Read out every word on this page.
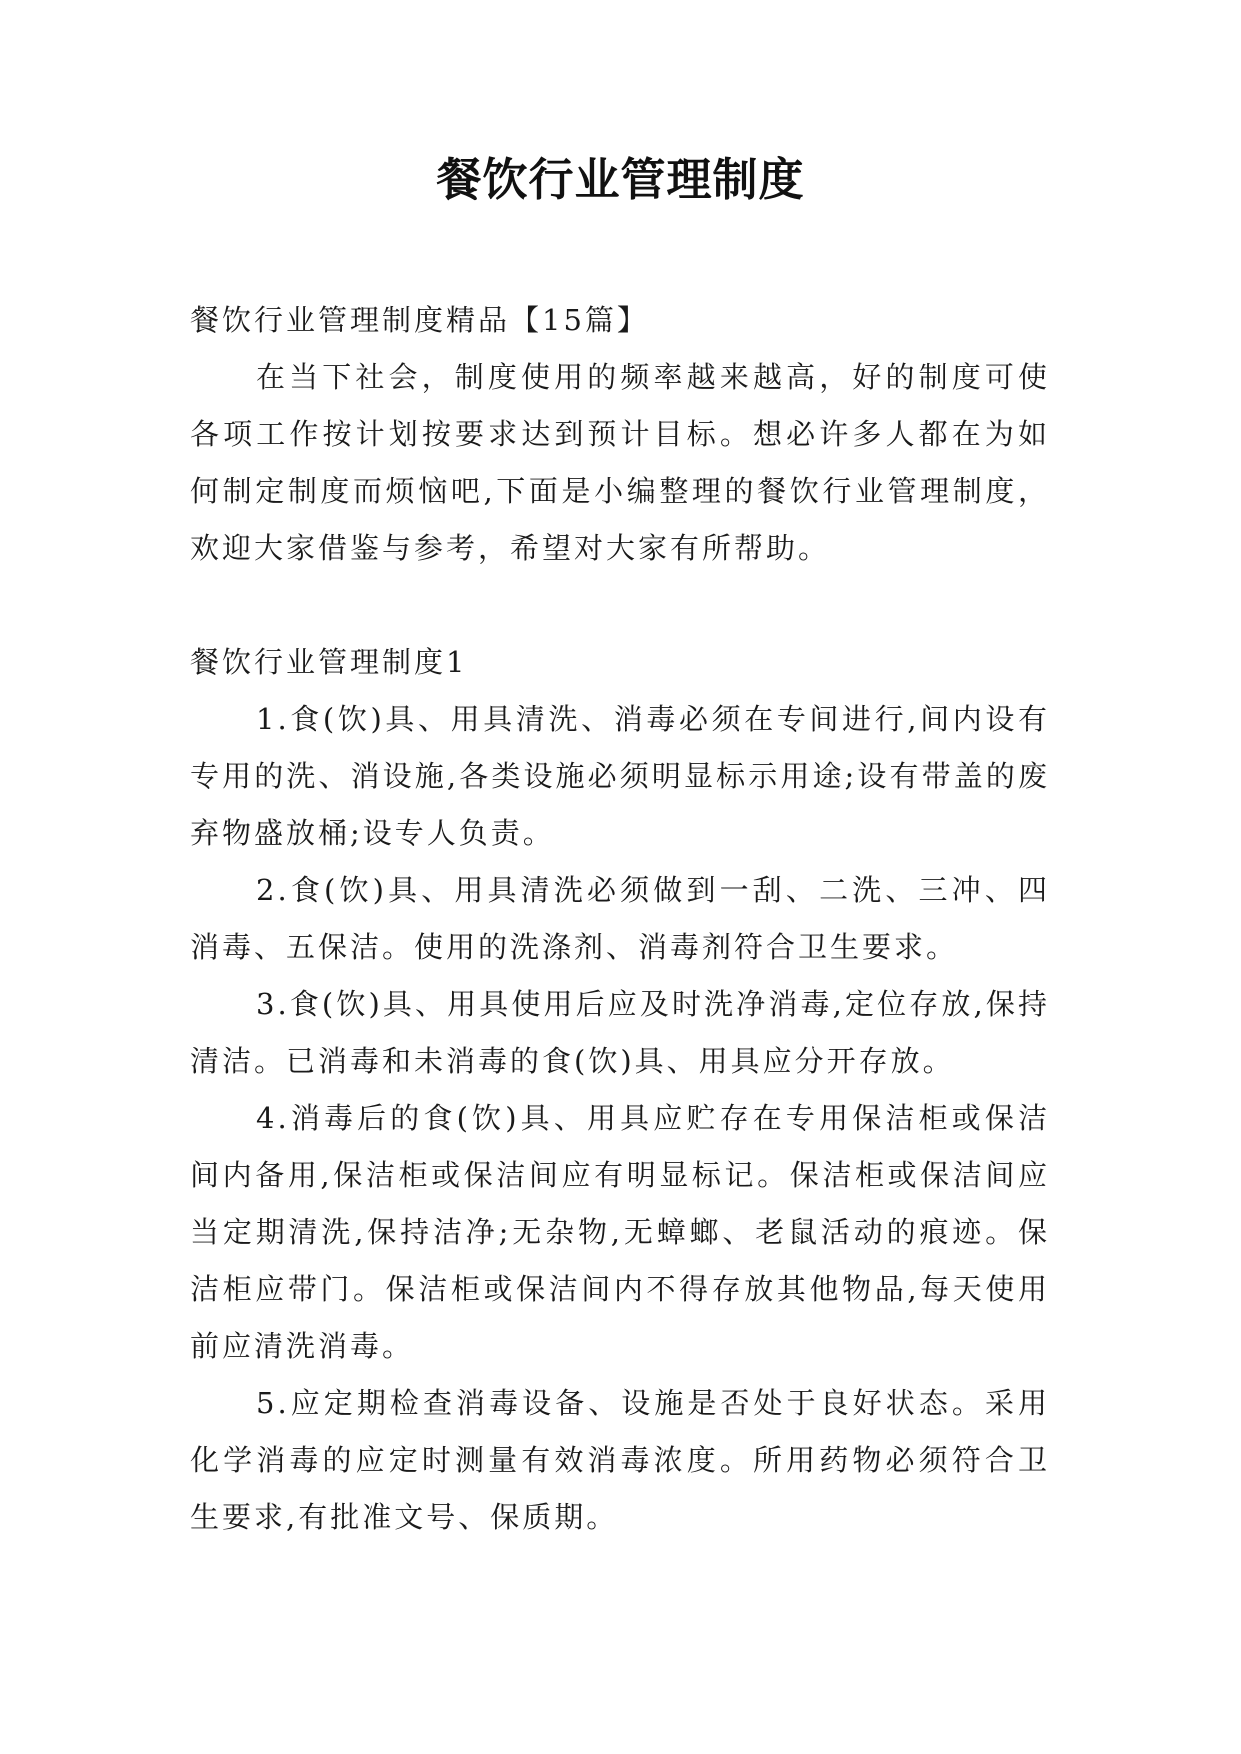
餐饮行业管理制度

餐饮行业管理制度精品【15篇】

在当下社会，制度使用的频率越来越高，好的制度可使各项工作按计划按要求达到预计目标。想必许多人都在为如何制定制度而烦恼吧,下面是小编整理的餐饮行业管理制度，欢迎大家借鉴与参考，希望对大家有所帮助。

餐饮行业管理制度1

1.食(饮)具、用具清洗、消毒必须在专间进行,间内设有专用的洗、消设施,各类设施必须明显标示用途;设有带盖的废弃物盛放桶;设专人负责。

2.食(饮)具、用具清洗必须做到一刮、二洗、三冲、四消毒、五保洁。使用的洗涤剂、消毒剂符合卫生要求。

3.食(饮)具、用具使用后应及时洗净消毒,定位存放,保持清洁。已消毒和未消毒的食(饮)具、用具应分开存放。

4.消毒后的食(饮)具、用具应贮存在专用保洁柜或保洁间内备用,保洁柜或保洁间应有明显标记。保洁柜或保洁间应当定期清洗,保持洁净;无杂物,无蟑螂、老鼠活动的痕迹。保洁柜应带门。保洁柜或保洁间内不得存放其他物品,每天使用前应清洗消毒。

5.应定期检查消毒设备、设施是否处于良好状态。采用化学消毒的应定时测量有效消毒浓度。所用药物必须符合卫生要求,有批准文号、保质期。
